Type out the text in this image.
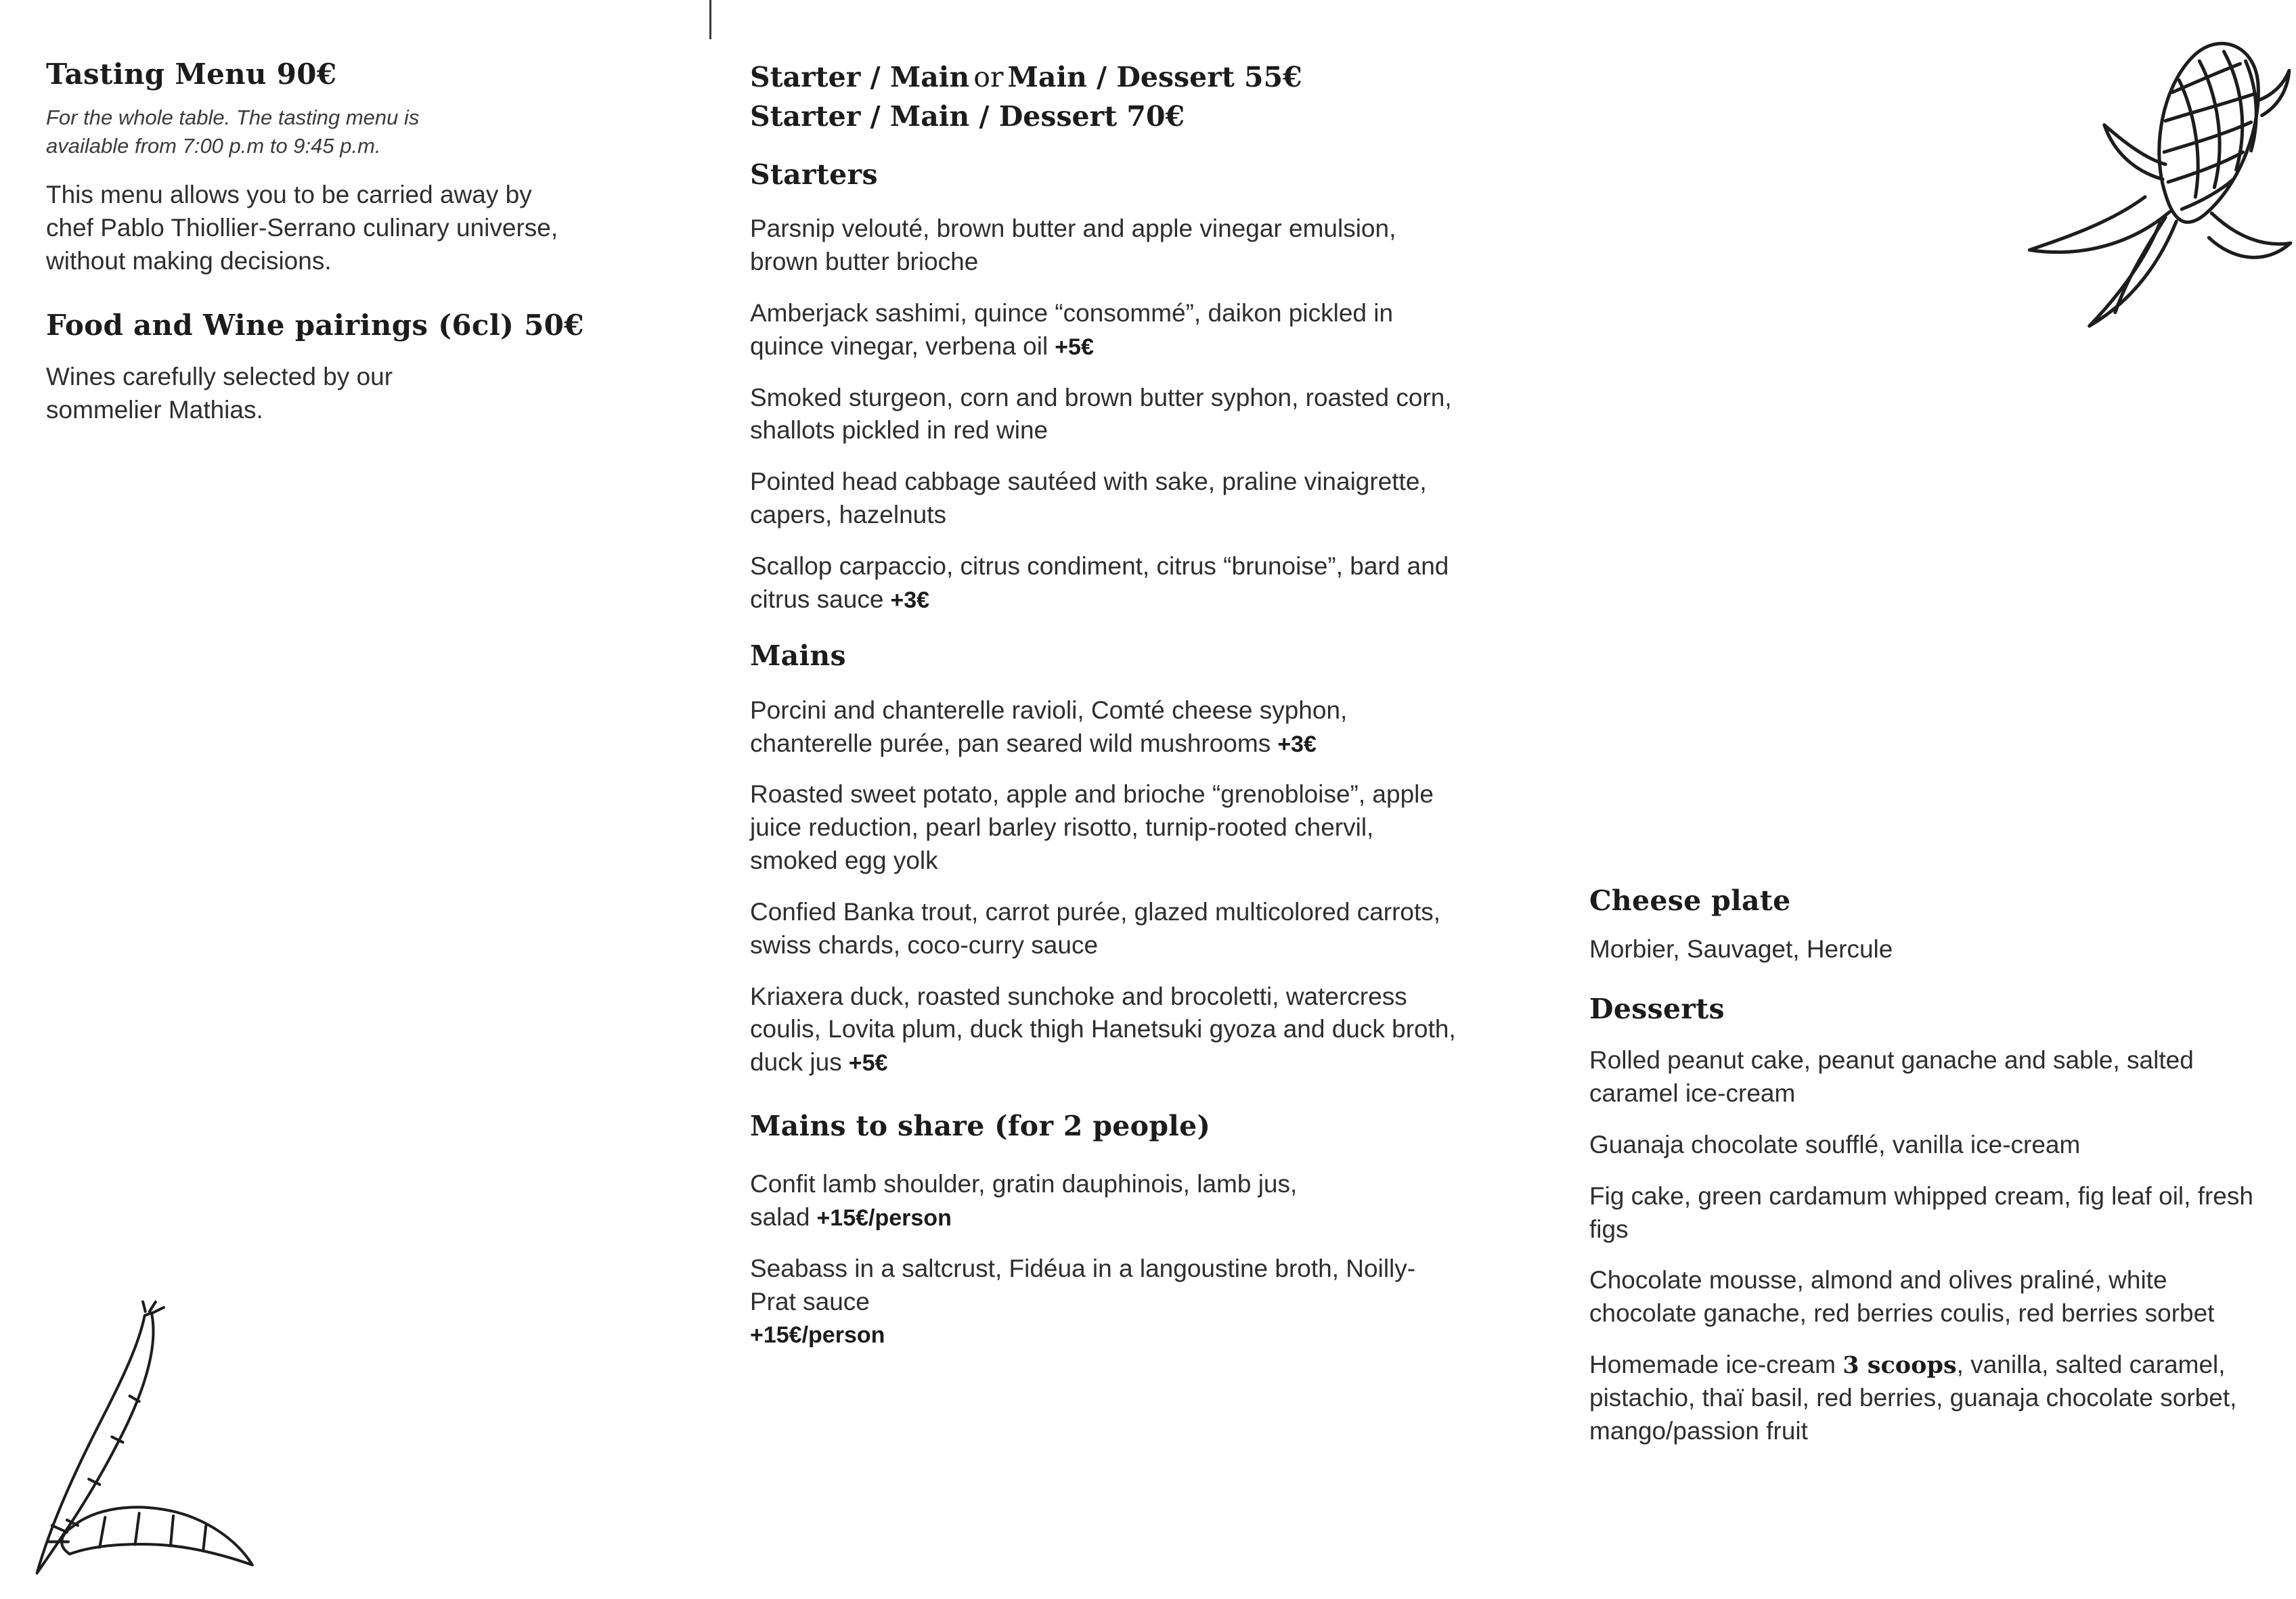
Tasting Menu 90€

For the whole table. The tasting menu is available from 7:00 p.m to 9:45 p.m.

This menu allows you to be carried away by chef Pablo Thiollier-Serrano culinary universe, without making decisions.

Food and Wine pairings (6cl) 50€

Wines carefully selected by our sommelier Mathias.

Starter / Main or Main / Dessert 55€

Starter / Main / Dessert 70€

Starters

Parsnip velouté, brown butter and apple vinegar emulsion, brown butter brioche

Amberjack sashimi, quince “consommé”, daikon pickled in quince vinegar, verbena oil +5€

Smoked sturgeon, corn and brown butter syphon, roasted corn, shallots pickled in red wine

Pointed head cabbage sautéed with sake, praline vinaigrette, capers, hazelnuts

Scallop carpaccio, citrus condiment, citrus “brunoise”, bard and citrus sauce +3€

Mains

Porcini and chanterelle ravioli, Comté cheese syphon, chanterelle purée, pan seared wild mushrooms +3€

Roasted sweet potato, apple and brioche “grenobloise”, apple juice reduction, pearl barley risotto, turnip-rooted chervil, smoked egg yolk

Confied Banka trout, carrot purée, glazed multicolored carrots, swiss chards, coco-curry sauce

Kriaxera duck, roasted sunchoke and brocoletti, watercress coulis, Lovita plum, duck thigh Hanetsuki gyoza and duck broth, duck jus +5€

Mains to share (for 2 people)

Confit lamb shoulder, gratin dauphinois, lamb jus, salad +15€/person

Seabass in a saltcrust, Fidéua in a langoustine broth, Noilly-Prat sauce
+15€/person

Cheese plate

Morbier, Sauvaget, Hercule

Desserts

Rolled peanut cake, peanut ganache and sable, salted caramel ice-cream

Guanaja chocolate soufflé, vanilla ice-cream

Fig cake, green cardamum whipped cream, fig leaf oil, fresh figs

Chocolate mousse, almond and olives praliné, white chocolate ganache, red berries coulis, red berries sorbet

Homemade ice-cream 3 scoops, vanilla, salted caramel, pistachio, thaï basil, red berries, guanaja chocolate sorbet, mango/passion fruit
